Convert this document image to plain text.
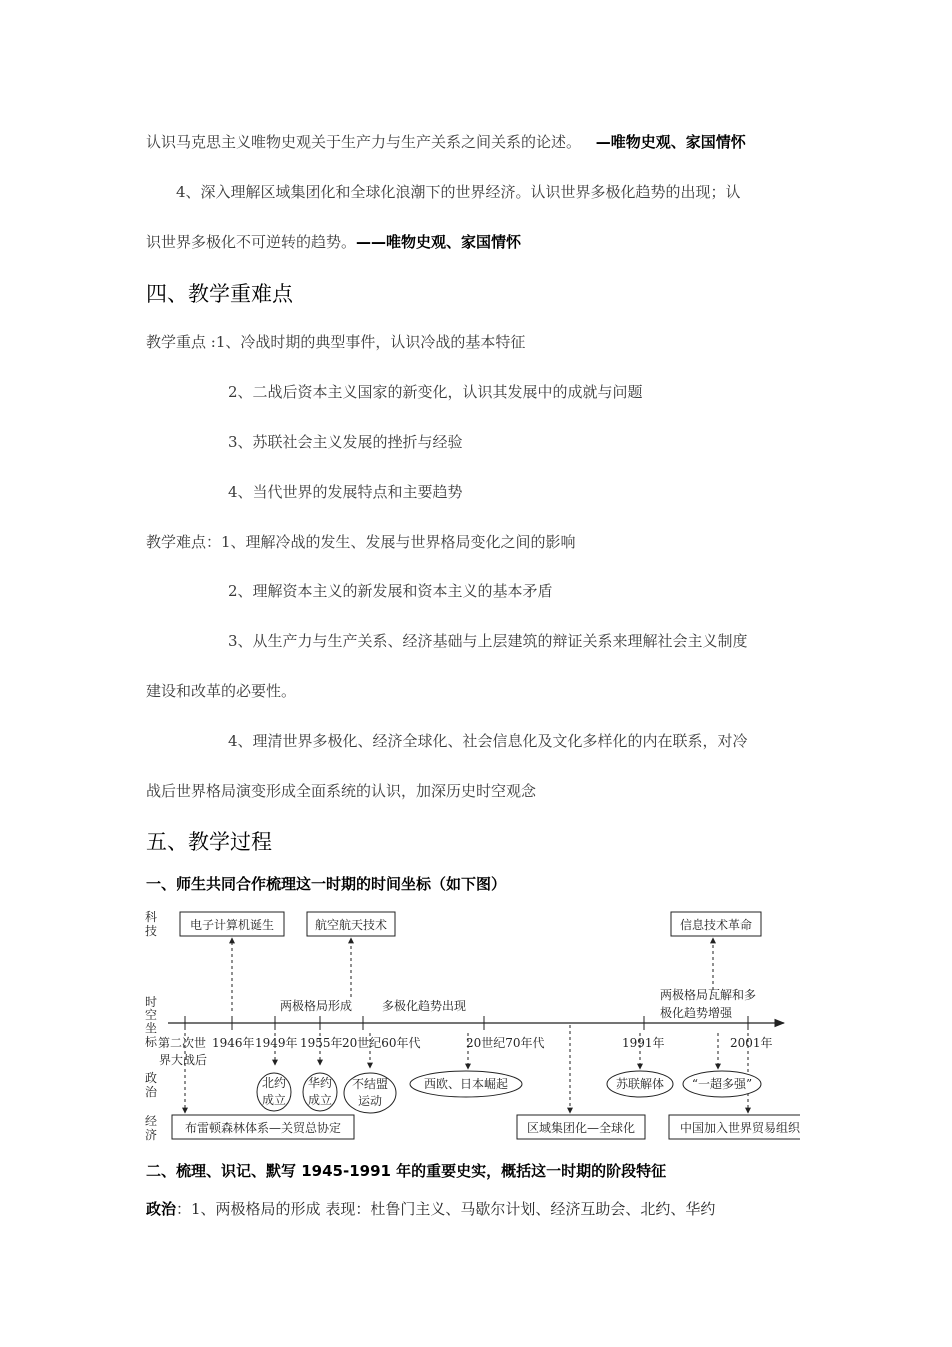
认识马克思主义唯物史观关于生产力与生产关系之间关系的论述。 —唯物史观、家国情怀
4、深入理解区域集团化和全球化浪潮下的世界经济。认识世界多极化趋势的出现；认
识世界多极化不可逆转的趋势。——唯物史观、家国情怀
四、教学重难点
教学重点 :1、冷战时期的典型事件，认识冷战的基本特征
2、二战后资本主义国家的新变化，认识其发展中的成就与问题
3、苏联社会主义发展的挫折与经验
4、当代世界的发展特点和主要趋势
教学难点：1、理解冷战的发生、发展与世界格局变化之间的影响
2、理解资本主义的新发展和资本主义的基本矛盾
3、从生产力与生产关系、经济基础与上层建筑的辩证关系来理解社会主义制度
建设和改革的必要性。
4、理清世界多极化、经济全球化、社会信息化及文化多样化的内在联系，对冷
战后世界格局演变形成全面系统的认识，加深历史时空观念
五、教学过程
一、师生共同合作梳理这一时期的时间坐标（如下图）
科
技
时
空
坐
标
政
治
经
济
电子计算机诞生	航空航天技术	信息技术革命
两极格局形成 多极化趋势出现
两极格局瓦解和多
极化趋势增强
第二次世
界大战后
1946年 1949年 1955年 20世纪60年代	20世纪70年代	1991年	2001年
北约
成立
华约
成立
不结盟
运动
西欧、日本崛起	苏联解体 “一超多强”
布雷顿森林体系—关贸总协定	区域集团化—全球化	中国加入世界贸易组织
二、梳理、识记、默写 1945-1991 年的重要史实，概括这一时期的阶段特征
政治：1、两极格局的形成 表现：杜鲁门主义、马歇尔计划、经济互助会、北约、华约
